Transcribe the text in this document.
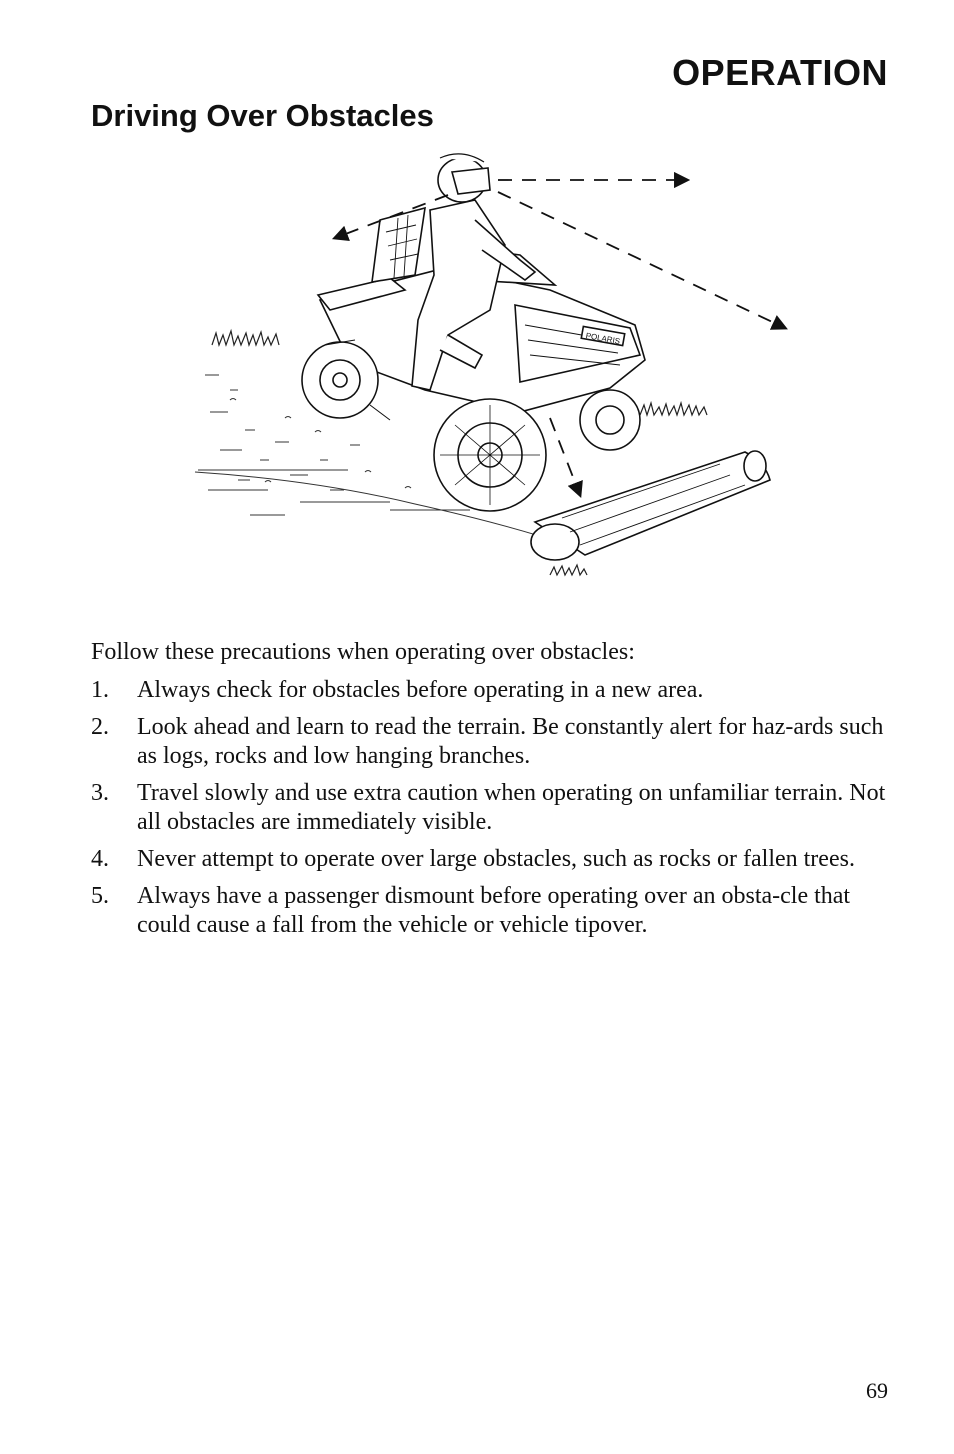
OPERATION
Driving Over Obstacles
POLARIS

Follow these precautions when operating over obstacles:

1. Always check for obstacles before operating in a new area.
2. Look ahead and learn to read the terrain. Be constantly alert for haz-ards such as logs, rocks and low hanging branches.
3. Travel slowly and use extra caution when operating on unfamiliar terrain. Not all obstacles are immediately visible.
4. Never attempt to operate over large obstacles, such as rocks or fallen trees.
5. Always have a passenger dismount before operating over an obsta-cle that could cause a fall from the vehicle or vehicle tipover.
69
